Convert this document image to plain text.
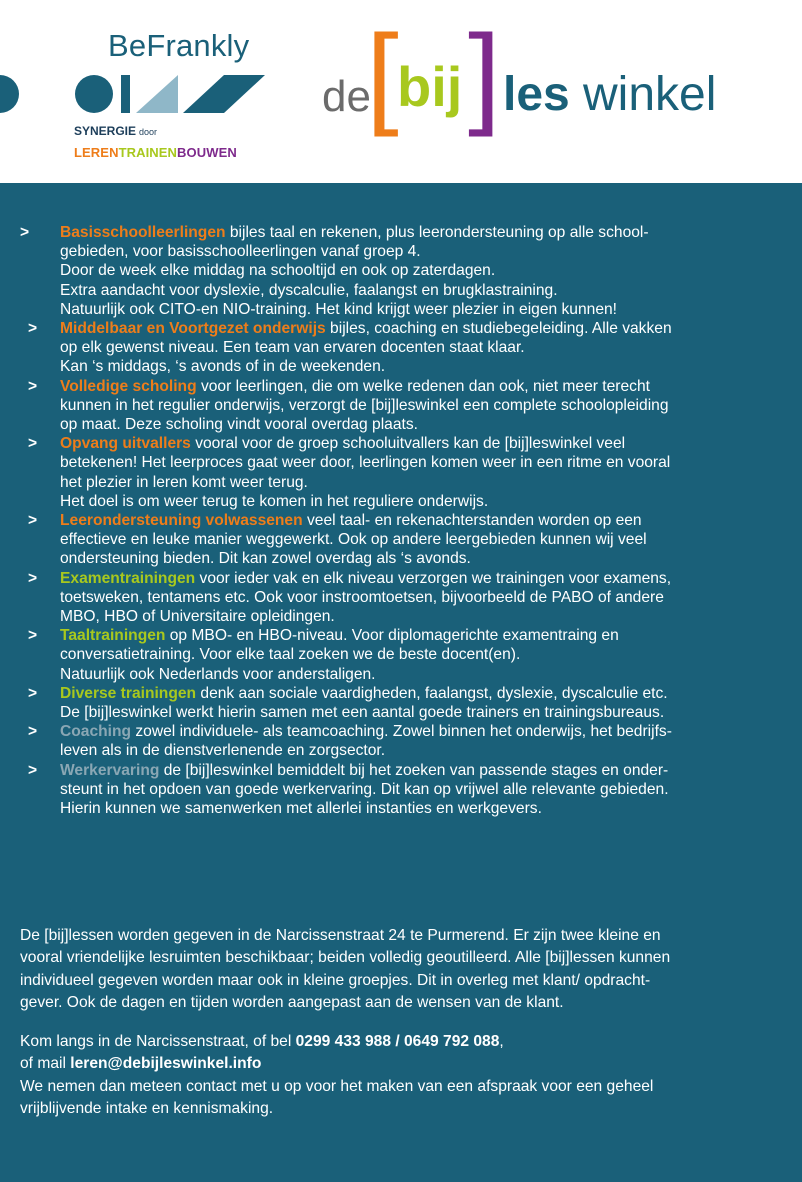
BeFrankly
SYNERGIE door
LERENTRAINENBOUWEN
de
[
bij ] les winkel
> Basisschoolleerlingen bijles taal en rekenen, plus leerondersteuning op alle school-
gebieden, voor basisschoolleerlingen vanaf groep 4.
Door de week elke middag na schooltijd en ook op zaterdagen.
Extra aandacht voor dyslexie, dyscalculie, faalangst en brugklastraining.
Natuurlijk ook CITO-en NIO-training. Het kind krijgt weer plezier in eigen kunnen!
> Middelbaar en Voortgezet onderwijs bijles, coaching en studiebegeleiding. Alle vakken
op elk gewenst niveau. Een team van ervaren docenten staat klaar.
Kan ‘s middags, ‘s avonds of in de weekenden.
> Volledige scholing voor leerlingen, die om welke redenen dan ook, niet meer terecht
kunnen in het regulier onderwijs, verzorgt de [bij]leswinkel een complete schoolopleiding
op maat. Deze scholing vindt vooral overdag plaats.
> Opvang uitvallers vooral voor de groep schooluitvallers kan de [bij]leswinkel veel
betekenen! Het leerproces gaat weer door, leerlingen komen weer in een ritme en vooral
het plezier in leren komt weer terug.
Het doel is om weer terug te komen in het reguliere onderwijs.
> Leerondersteuning volwassenen veel taal- en rekenachterstanden worden op een
effectieve en leuke manier weggewerkt. Ook op andere leergebieden kunnen wij veel
ondersteuning bieden. Dit kan zowel overdag als ‘s avonds.
> Examentrainingen voor ieder vak en elk niveau verzorgen we trainingen voor examens,
toetsweken, tentamens etc. Ook voor instroomtoetsen, bijvoorbeeld de PABO of andere
MBO, HBO of Universitaire opleidingen.
> Taaltrainingen op MBO- en HBO-niveau. Voor diplomagerichte examentraing en
conversatietraining. Voor elke taal zoeken we de beste docent(en).
Natuurlijk ook Nederlands voor anderstaligen.
> Diverse trainingen denk aan sociale vaardigheden, faalangst, dyslexie, dyscalculie etc.
De [bij]leswinkel werkt hierin samen met een aantal goede trainers en trainingsbureaus.
> Coaching zowel individuele- als teamcoaching. Zowel binnen het onderwijs, het bedrijfs-
leven als in de dienstverlenende en zorgsector.
> Werkervaring de [bij]leswinkel bemiddelt bij het zoeken van passende stages en onder-
steunt in het opdoen van goede werkervaring. Dit kan op vrijwel alle relevante gebieden.
Hierin kunnen we samenwerken met allerlei instanties en werkgevers.
De [bij]lessen worden gegeven in de Narcissenstraat 24 te Purmerend. Er zijn twee kleine en
vooral vriendelijke lesruimten beschikbaar; beiden volledig geoutilleerd. Alle [bij]lessen kunnen
individueel gegeven worden maar ook in kleine groepjes. Dit in overleg met klant/ opdracht-
gever. Ook de dagen en tijden worden aangepast aan de wensen van de klant.
Kom langs in de Narcissenstraat, of bel 0299 433 988 / 0649 792 088,
of mail leren@debijleswinkel.info
We nemen dan meteen contact met u op voor het maken van een afspraak voor een geheel
vrijblijvende intake en kennismaking.
